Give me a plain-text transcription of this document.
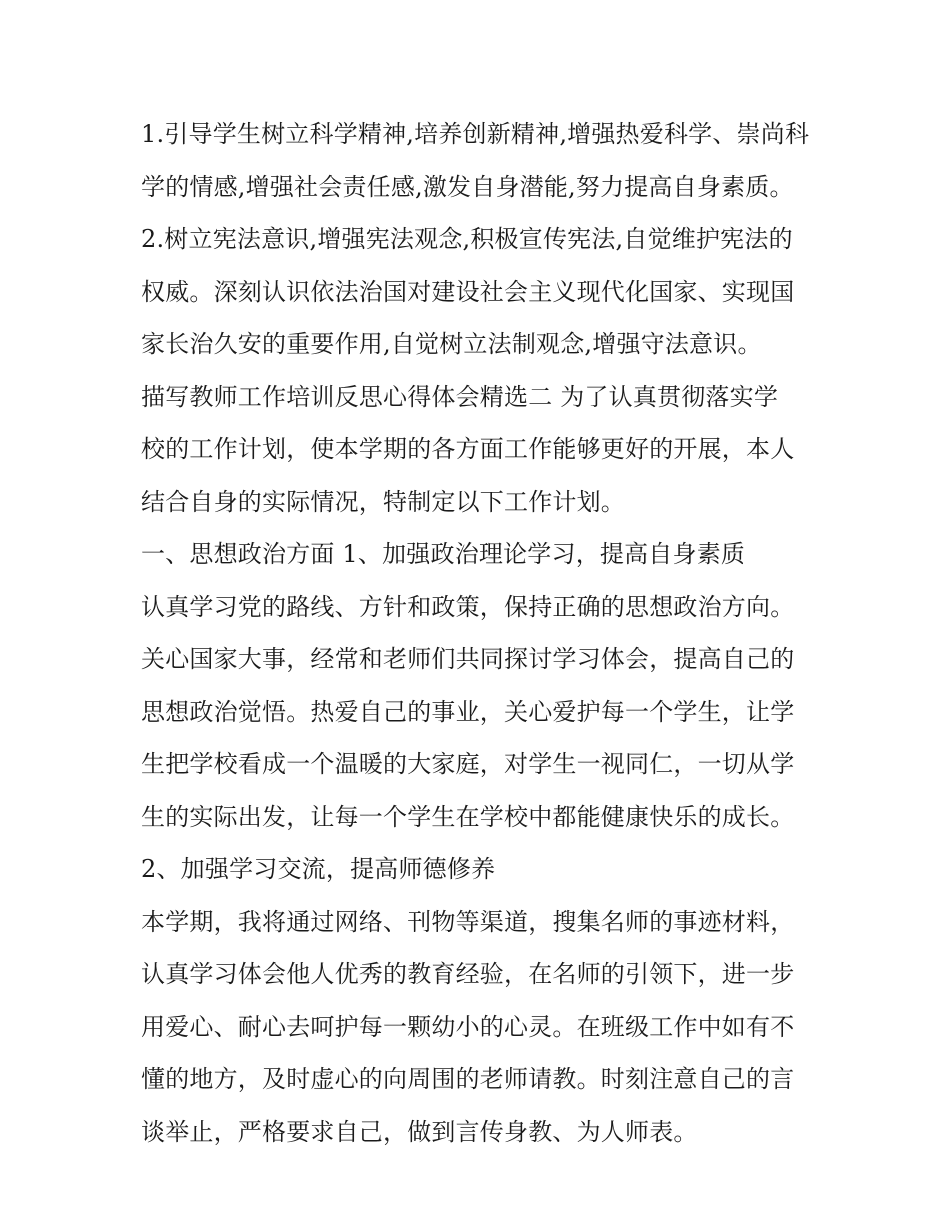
1.引导学生树立科学精神,培养创新精神,增强热爱科学、崇尚科
学的情感,增强社会责任感,激发自身潜能,努力提高自身素质。
2.树立宪法意识,增强宪法观念,积极宣传宪法,自觉维护宪法的
权威。深刻认识依法治国对建设社会主义现代化国家、实现国
家长治久安的重要作用,自觉树立法制观念,增强守法意识。
描写教师工作培训反思心得体会精选二 为了认真贯彻落实学
校的工作计划，使本学期的各方面工作能够更好的开展，本人
结合自身的实际情况，特制定以下工作计划。
一、思想政治方面 1、加强政治理论学习，提高自身素质
认真学习党的路线、方针和政策，保持正确的思想政治方向。
关心国家大事，经常和老师们共同探讨学习体会，提高自己的
思想政治觉悟。热爱自己的事业，关心爱护每一个学生，让学
生把学校看成一个温暖的大家庭，对学生一视同仁，一切从学
生的实际出发，让每一个学生在学校中都能健康快乐的成长。
2、加强学习交流，提高师德修养
本学期，我将通过网络、刊物等渠道，搜集名师的事迹材料，
认真学习体会他人优秀的教育经验，在名师的引领下，进一步
用爱心、耐心去呵护每一颗幼小的心灵。在班级工作中如有不
懂的地方，及时虚心的向周围的老师请教。时刻注意自己的言
谈举止，严格要求自己，做到言传身教、为人师表。
